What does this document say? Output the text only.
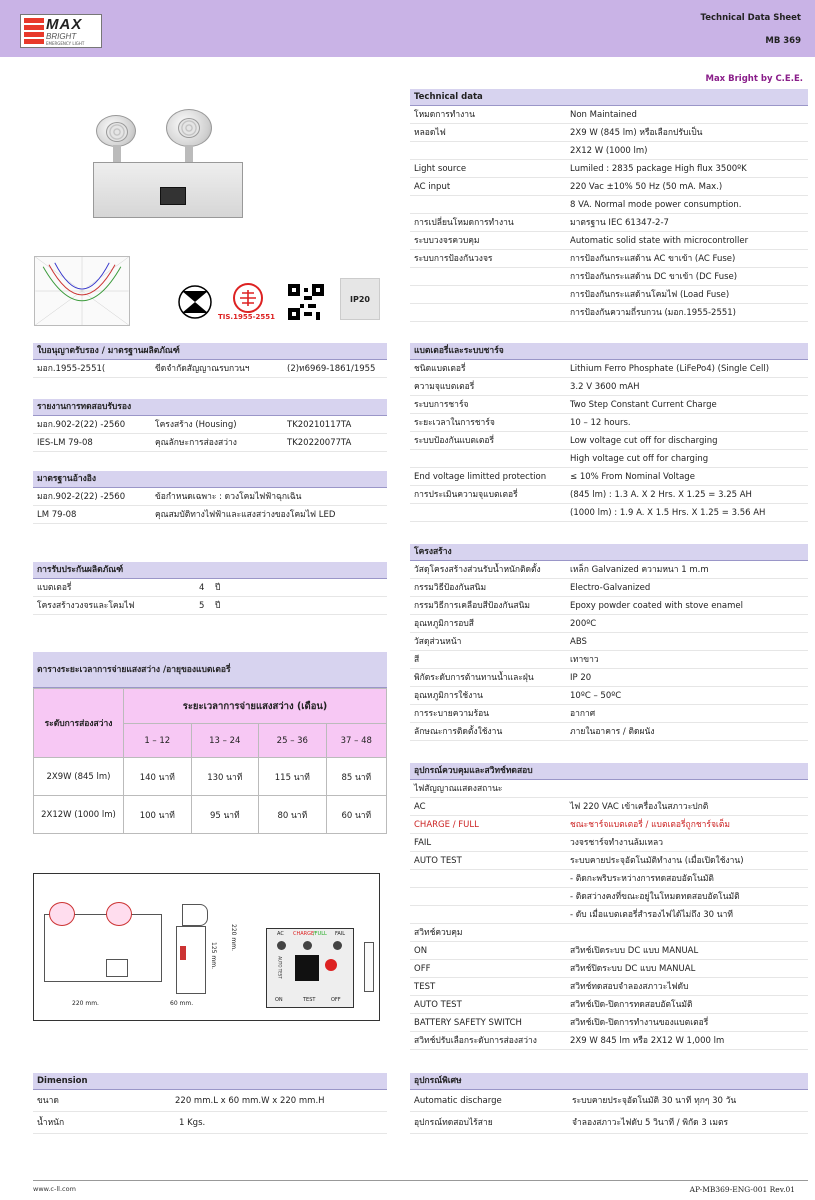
MAX
BRIGHT
EMERGENCY LIGHT
Technical Data Sheet
MB 369
Max Bright by C.E.E.
TIS.1955-2551
IP20
Technical data
โหมดการทำงาน	Non Maintained
หลอดไฟ	2X9 W (845 lm) หรือเลือกปรับเป็น
2X12 W (1000 lm)
Light source	Lumiled : 2835 package High flux 3500ºK
AC input	220 Vac ±10% 50 Hz (50 mA. Max.)
8 VA. Normal mode power consumption.
การเปลี่ยนโหมดการทำงาน	มาตรฐาน IEC 61347-2-7
ระบบวงจรควบคุม	Automatic solid state with microcontroller
ระบบการป้องกันวงจร	การป้องกันกระแสด้าน AC ขาเข้า (AC Fuse)
การป้องกันกระแสด้าน DC ขาเข้า (DC Fuse)
การป้องกันกระแสด้านโคมไฟ (Load Fuse)
การป้องกันความถี่รบกวน (มอก.1955-2551)
ใบอนุญาตรับรอง / มาตรฐานผลิตภัณฑ์
มอก.1955-2551(	ขีดจำกัดสัญญาณรบกวนฯ	(2)ท6969-1861/1955
รายงานการทดสอบรับรอง
มอก.902-2(22) -2560	โครงสร้าง (Housing)	TK20210117TA
IES-LM 79-08	คุณลักษะการส่องสว่าง	TK20220077TA
มาตรฐานอ้างอิง
มอก.902-2(22) -2560	ข้อกำหนดเฉพาะ : ดวงโคมไฟฟ้าฉุกเฉิน
LM 79-08	คุณสมบัติทางไฟฟ้าและแสงสว่างของโคมไฟ LED
แบตเตอรี่และระบบชาร์จ
ชนิดแบตเตอรี่	Lithium Ferro Phosphate (LiFePo4) (Single Cell)
ความจุแบตเตอรี่	3.2 V 3600 mAH
ระบบการชาร์จ	Two Step Constant Current Charge
ระยะเวลาในการชาร์จ	10 – 12 hours.
ระบบป้องกันแบตเตอรี่	Low voltage cut off for discharging
High voltage cut off for charging
End voltage limitted protection	≤ 10% From Nominal Voltage
การประเมินความจุแบตเตอรี่	(845 lm) : 1.3 A. X 2 Hrs. X 1.25 = 3.25 AH
(1000 lm) : 1.9 A. X 1.5 Hrs. X 1.25 = 3.56 AH
การรับประกันผลิตภัณฑ์
แบตเตอรี่	4 ปี
โครงสร้างวงจรและโคมไฟ	5 ปี
ตารางระยะเวลาการจ่ายแสงสว่าง /อายุของแบตเตอรี่
ระดับการส่องสว่าง	ระยะเวลาการจ่ายแสงสว่าง (เดือน)			
	1 – 12	13 – 24	25 – 36	37 – 48
2X9W (845 lm)	140 นาที	130 นาที	115 นาที	85 นาที
2X12W (1000 lm)	100 นาที	95 นาที	80 นาที	60 นาที
โครงสร้าง
วัสดุโครงสร้างส่วนรับน้ำหนักติดตั้ง	เหล็ก Galvanized ความหนา 1 m.m
กรรมวิธีป้องกันสนิม	Electro-Galvanized
กรรมวิธีการเคลือบสีป้องกันสนิม	Epoxy powder coated with stove enamel
อุณหภูมิการอบสี	200ºC
วัสดุส่วนหน้า	ABS
สี	เทาขาว
พิกัดระดับการต้านทานน้ำและฝุ่น	IP 20
อุณหภูมิการใช้งาน	10ºC – 50ºC
การระบายความร้อน	อากาศ
ลักษณะการติดตั้งใช้งาน	ภายในอาคาร / ติดผนัง
อุปกรณ์ควบคุมและสวิทช์ทดสอบ
ไฟสัญญาณแสดงสถานะ
AC	ไฟ 220 VAC เข้าเครื่องในสภาวะปกติ
CHARGE / FULL	ชณะชาร์จแบตเตอรี่ / แบตเตอรี่ถูกชาร์จเต็ม
FAIL	วงจรชาร์จทำงานล้มเหลว
AUTO TEST	ระบบคายประจุอัตโนมัติทำงาน (เมื่อเปิดใช้งาน)
- ติดกะพริบระหว่างการทดสอบอัตโนมัติ
- ติดสว่างคงที่ขณะอยู่ในโหมดทดสอบอัตโนมัติ
- ดับ เมื่อแบตเตอรี่สำรองไฟได้ไม่ถึง 30 นาที
สวิทช์ควบคุม
ON	สวิทช์เปิดระบบ DC แบบ MANUAL
OFF	สวิทช์ปิดระบบ DC แบบ MANUAL
TEST	สวิทช์ทดสอบจำลองสภาวะไฟดับ
AUTO TEST	สวิทช์เปิด-ปิดการทดสอบอัตโนมัติ
BATTERY SAFETY SWITCH	สวิทช์เปิด-ปิดการทำงานของแบตเตอรี่
สวิทช์ปรับเลือกระดับการส่องสว่าง	2X9 W 845 lm หรือ 2X12 W 1,000 lm
220 mm.	60 mm.
220 mm.
125 mm.
AC CHARGE
/FULL FAIL
AUTO TEST
ON	TEST	OFF
Dimension
ขนาด	220 mm.L x 60 mm.W x 220 mm.H
น้ำหนัก	1 Kgs.
อุปกรณ์พิเศษ
Automatic discharge	ระบบคายประจุอัตโนมัติ 30 นาที ทุกๆ 30 วัน
อุปกรณ์ทดสอบไร้สาย	จำลองสภาวะไฟดับ 5 วินาที / พิกัด 3 เมตร
www.c-ll.com	AP-MB369-ENG-001 Rev.01
